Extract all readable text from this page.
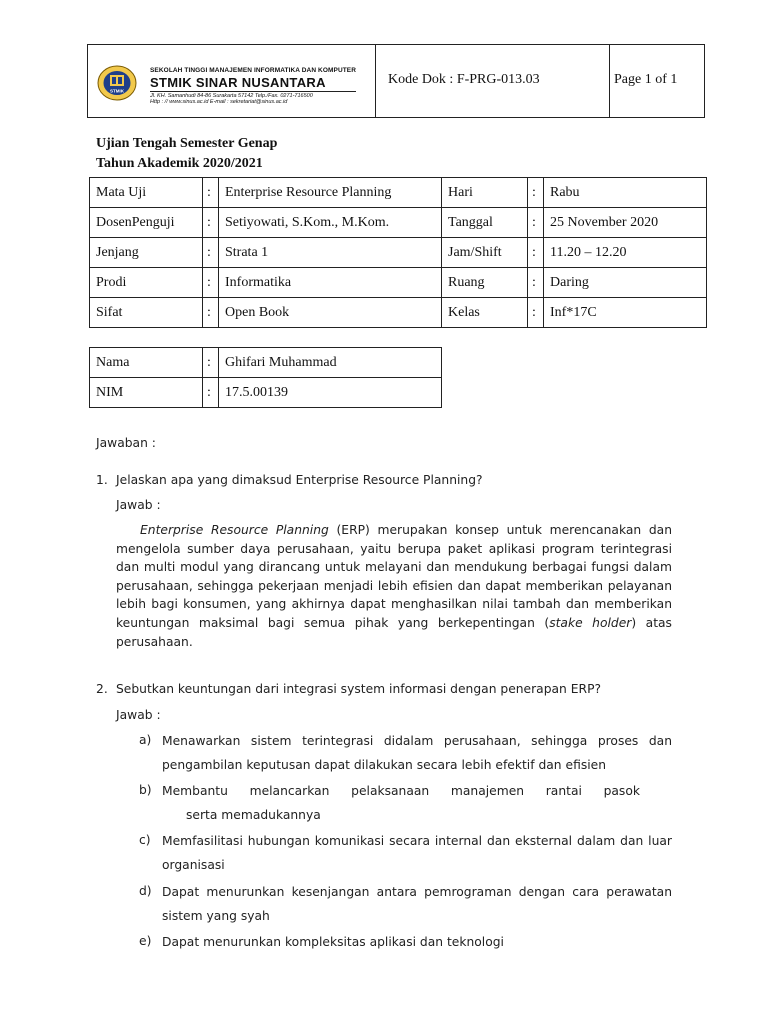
STMIK
SEKOLAH TINGGI MANAJEMEN INFORMATIKA DAN KOMPUTER
STMIK SINAR NUSANTARA
Jl. KH. Samanhudi 84-86 Surakarta 57142 Telp./Fax. 0271-716500
Http : // www.sinus.ac.id E-mail : sekretariat@sinus.ac.id
Kode Dok : F-PRG-013.03	Page 1 of 1
Ujian Tengah Semester Genap
Tahun Akademik 2020/2021
Mata Uji	:	Enterprise Resource Planning	Hari	:	Rabu
DosenPenguji	:	Setiyowati, S.Kom., M.Kom.	Tanggal	:	25 November 2020
Jenjang	:	Strata 1	Jam/Shift	:	11.20 – 12.20
Prodi	:	Informatika	Ruang	:	Daring
Sifat	:	Open Book	Kelas	:	Inf*17C
Nama	:	Ghifari Muhammad
NIM	:	17.5.00139
Jawaban :
1. Jelaskan apa yang dimaksud Enterprise Resource Planning?
Jawab :
Enterprise Resource Planning (ERP) merupakan konsep untuk merencanakan dan mengelola sumber daya perusahaan, yaitu berupa paket aplikasi program terintegrasi dan multi modul yang dirancang untuk melayani dan mendukung berbagai fungsi dalam perusahaan, sehingga pekerjaan menjadi lebih efisien dan dapat memberikan pelayanan lebih bagi konsumen, yang akhirnya dapat menghasilkan nilai tambah dan memberikan keuntungan maksimal bagi semua pihak yang berkepentingan (stake holder) atas perusahaan.
2. Sebutkan keuntungan dari integrasi system informasi dengan penerapan ERP?
Jawab :
a) Menawarkan sistem terintegrasi didalam perusahaan, sehingga proses dan pengambilan keputusan dapat dilakukan secara lebih efektif dan efisien
b) Membantu melancarkan pelaksanaan manajemen rantai pasok
serta memadukannya
c) Memfasilitasi hubungan komunikasi secara internal dan eksternal dalam dan luar organisasi
d) Dapat menurunkan kesenjangan antara pemrograman dengan cara perawatan sistem yang syah
e) Dapat menurunkan kompleksitas aplikasi dan teknologi
